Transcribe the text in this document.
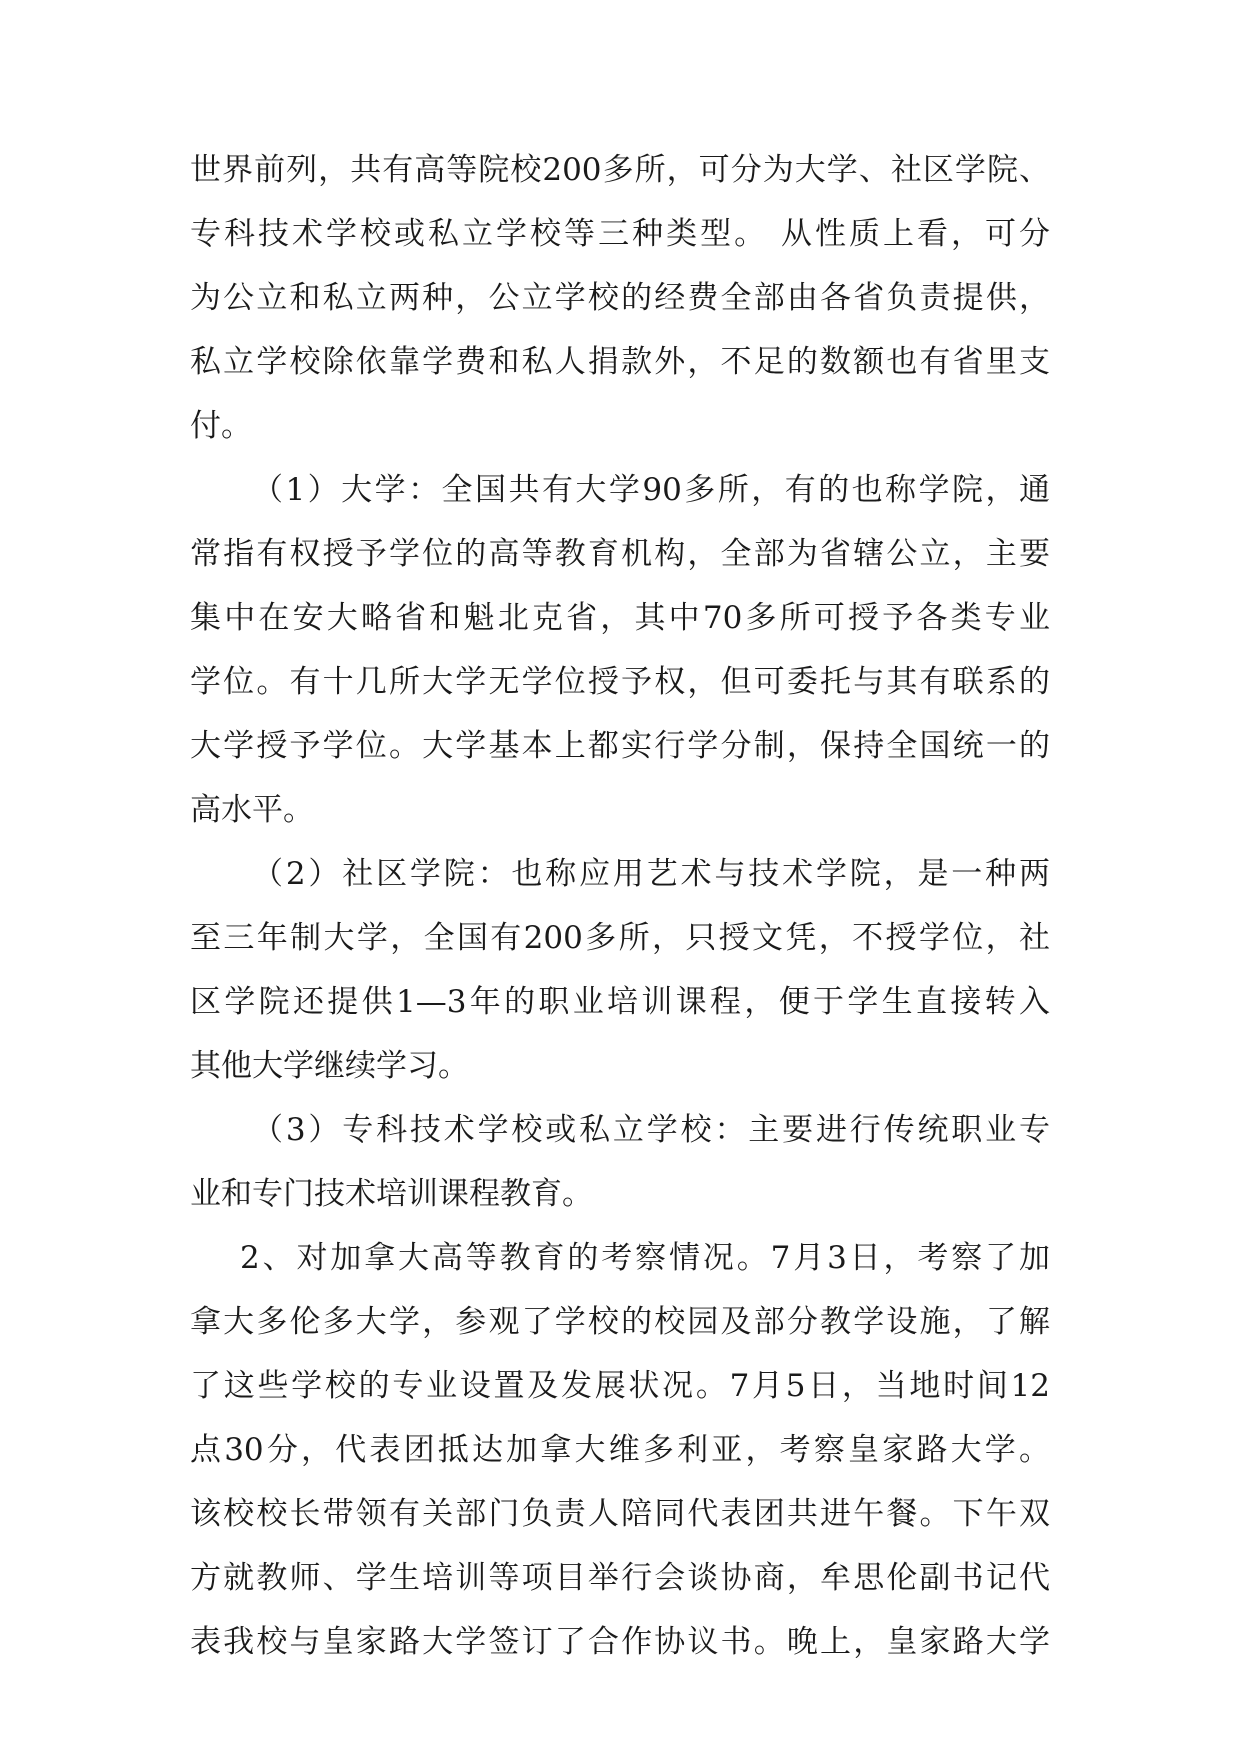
世界前列，共有高等院校200多所，可分为大学、社区学院、
专科技术学校或私立学校等三种类型。 从性质上看，可分
为公立和私立两种，公立学校的经费全部由各省负责提供，
私立学校除依靠学费和私人捐款外，不足的数额也有省里支
付。
（1）大学：全国共有大学90多所，有的也称学院，通
常指有权授予学位的高等教育机构，全部为省辖公立，主要
集中在安大略省和魁北克省，其中70多所可授予各类专业
学位。有十几所大学无学位授予权，但可委托与其有联系的
大学授予学位。大学基本上都实行学分制，保持全国统一的
高水平。
（2）社区学院：也称应用艺术与技术学院，是一种两
至三年制大学，全国有200多所，只授文凭，不授学位，社
区学院还提供1—3年的职业培训课程，便于学生直接转入
其他大学继续学习。
（3）专科技术学校或私立学校：主要进行传统职业专
业和专门技术培训课程教育。
2、对加拿大高等教育的考察情况。7月3日，考察了加
拿大多伦多大学，参观了学校的校园及部分教学设施，了解
了这些学校的专业设置及发展状况。7月5日，当地时间12
点30分，代表团抵达加拿大维多利亚，考察皇家路大学。
该校校长带领有关部门负责人陪同代表团共进午餐。下午双
方就教师、学生培训等项目举行会谈协商，牟思伦副书记代
表我校与皇家路大学签订了合作协议书。晚上，皇家路大学
